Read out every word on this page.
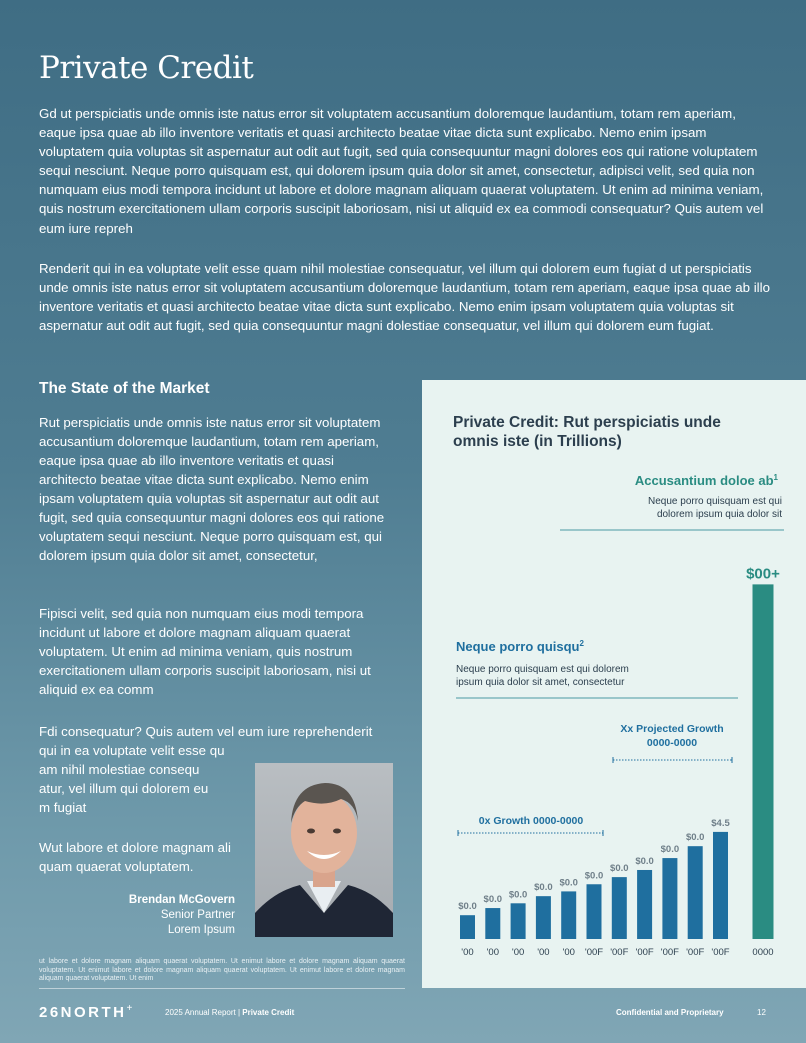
Private Credit
Gd ut perspiciatis unde omnis iste natus error sit voluptatem accusantium doloremque laudantium, totam rem aperiam, eaque ipsa quae ab illo inventore veritatis et quasi architecto beatae vitae dicta sunt explicabo. Nemo enim ipsam voluptatem quia voluptas sit aspernatur aut odit aut fugit, sed quia consequuntur magni dolores eos qui ratione voluptatem sequi nesciunt. Neque porro quisquam est, qui dolorem ipsum quia dolor sit amet, consectetur, adipisci velit, sed quia non numquam eius modi tempora incidunt ut labore et dolore magnam aliquam quaerat voluptatem. Ut enim ad minima veniam, quis nostrum exercitationem ullam corporis suscipit laboriosam, nisi ut aliquid ex ea commodi consequatur? Quis autem vel eum iure repreh
Renderit qui in ea voluptate velit esse quam nihil molestiae consequatur, vel illum qui dolorem eum fugiat d ut perspiciatis unde omnis iste natus error sit voluptatem accusantium doloremque laudantium, totam rem aperiam, eaque ipsa quae ab illo inventore veritatis et quasi architecto beatae vitae dicta sunt explicabo. Nemo enim ipsam voluptatem quia voluptas sit aspernatur aut odit aut fugit, sed quia consequuntur magni dolestiae consequatur, vel illum qui dolorem eum fugiat.
The State of the Market
Rut perspiciatis unde omnis iste natus error sit voluptatem accusantium doloremque laudantium, totam rem aperiam, eaque ipsa quae ab illo inventore veritatis et quasi architecto beatae vitae dicta sunt explicabo. Nemo enim ipsam voluptatem quia voluptas sit aspernatur aut odit aut fugit, sed quia consequuntur magni dolores eos qui ratione voluptatem sequi nesciunt. Neque porro quisquam est, qui dolorem ipsum quia dolor sit amet, consectetur,
Fipisci velit, sed quia non numquam eius modi tempora incidunt ut labore et dolore magnam aliquam quaerat voluptatem. Ut enim ad minima veniam, quis nostrum exercitationem ullam corporis suscipit laboriosam, nisi ut aliquid ex ea comm
Fdi consequatur? Quis autem vel eum iure reprehenderit
qui in ea voluptate velit esse qu
am nihil molestiae consequ
atur, vel illum qui dolorem eu
m fugiat
Wut labore et dolore magnam ali quam quaerat voluptatem.
Brendan McGovern
Senior Partner
Lorem Ipsum
ut labore et dolore magnam aliquam quaerat voluptatem. Ut enimut labore et dolore magnam aliquam quaerat voluptatem. Ut enimut labore et dolore magnam aliquam quaerat voluptatem. Ut enimut labore et dolore magnam aliquam quaerat voluptatem. Ut enim
26NORTH+	2025 Annual Report | Private Credit	Confidential and Proprietary	12
Private Credit: Rut perspiciatis unde
omnis iste (in Trillions)
Accusantium doloe $ab^1$
Neque porro quisquam est qui
dolorem ipsum quia dolor sit
Neque porro quisqu$^2$
Neque porro quisquam est qui dolorem
ipsum quia dolor sit amet, consectetur
Xx Projected Growth
0000-0000
0x Growth 0000-0000
$0.0
'00
$0.0
'00
$0.0
'00
$0.0
'00
$0.0
'00
$0.0
'00F
$0.0
'00F
$0.0
'00F
$0.0
'00F
$0.0
'00F
$4.5
'00F
$00+
0000
